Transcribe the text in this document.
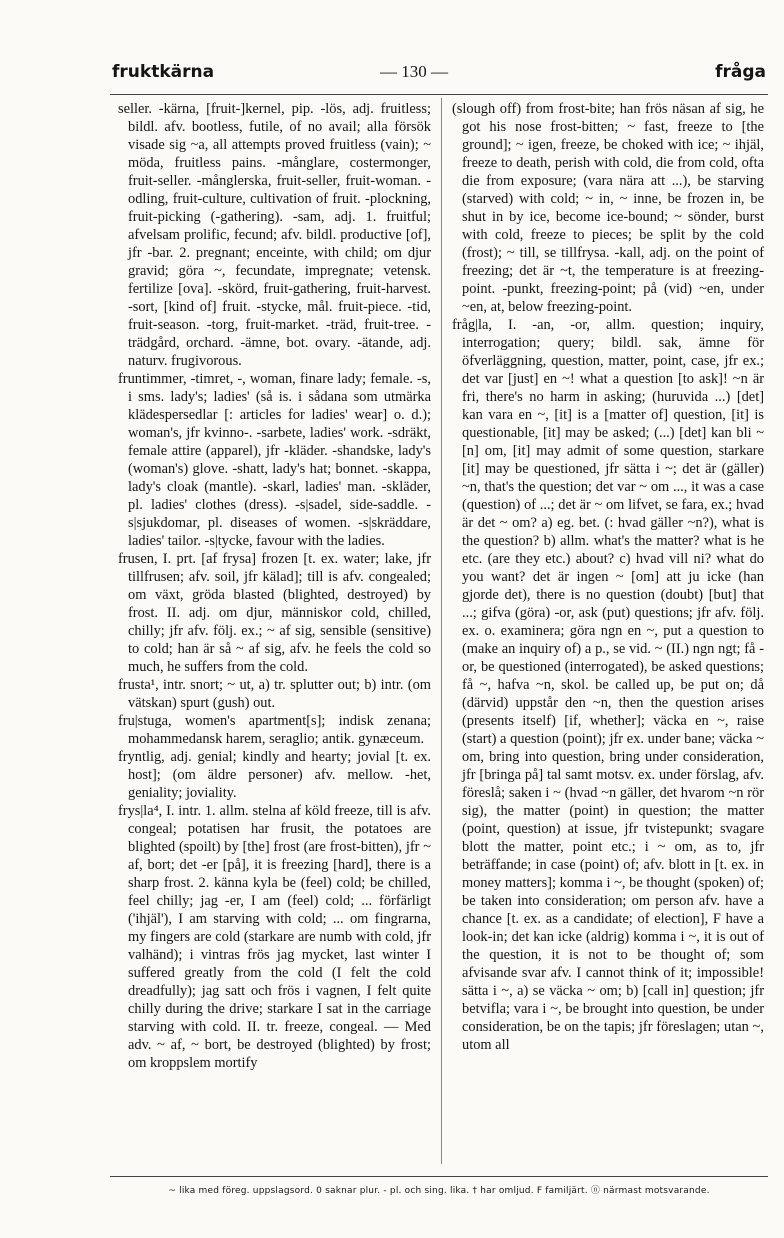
fruktkärna	— 130 —	fråga

seller. -kärna, [fruit-]kernel, pip. -lös, adj. fruitless; bildl. afv. bootless, futile, of no avail; alla försök visade sig ~a, all attempts proved fruitless (vain); ~ möda, fruitless pains. -månglare, costermonger, fruit-seller. -månglerska, fruit-seller, fruit-woman. -odling, fruit-culture, cultivation of fruit. -plockning, fruit-picking (-gathering). -sam, adj. 1. fruitful; afvelsam prolific, fecund; afv. bildl. productive [of], jfr -bar. 2. pregnant; enceinte, with child; om djur gravid; göra ~, fecundate, impregnate; vetensk. fertilize [ova]. -skörd, fruit-gathering, fruit-harvest. -sort, [kind of] fruit. -stycke, mål. fruit-piece. -tid, fruit-season. -torg, fruit-market. -träd, fruit-tree. -trädgård, orchard. -ämne, bot. ovary. -ätande, adj. naturv. frugivorous.

fruntimmer, -timret, -, woman, finare lady; female. -s, i sms. lady's; ladies' (så is. i sådana som utmärka klädespersedlar [: articles for ladies' wear] o. d.); woman's, jfr kvinno-. -sarbete, ladies' work. -sdräkt, female attire (apparel), jfr -kläder. -shandske, lady's (woman's) glove. -shatt, lady's hat; bonnet. -skappa, lady's cloak (mantle). -skarl, ladies' man. -skläder, pl. ladies' clothes (dress). -s|sadel, side-saddle. -s|sjukdomar, pl. diseases of women. -s|skräddare, ladies' tailor. -s|tycke, favour with the ladies.

frusen, I. prt. [af frysa] frozen [t. ex. water; lake, jfr tillfrusen; afv. soil, jfr kälad]; till is afv. congealed; om växt, gröda blasted (blighted, destroyed) by frost. II. adj. om djur, människor cold, chilled, chilly; jfr afv. följ. ex.; ~ af sig, sensible (sensitive) to cold; han är så ~ af sig, afv. he feels the cold so much, he suffers from the cold.

frusta¹, intr. snort; ~ ut, a) tr. splutter out; b) intr. (om vätskan) spurt (gush) out.

fru|stuga, women's apartment[s]; indisk zenana; mohammedansk harem, seraglio; antik. gynæceum.

fryntlig, adj. genial; kindly and hearty; jovial [t. ex. host]; (om äldre personer) afv. mellow. -het, geniality; joviality.

frys|la⁴, I. intr. 1. allm. stelna af köld freeze, till is afv. congeal; potatisen har frusit, the potatoes are blighted (spoilt) by [the] frost (are frost-bitten), jfr ~ af, bort; det -er [på], it is freezing [hard], there is a sharp frost. 2. känna kyla be (feel) cold; be chilled, feel chilly; jag -er, I am (feel) cold; ... förfärligt ('ihjäl'), I am starving with cold; ... om fingrarna, my fingers are cold (starkare are numb with cold, jfr valhänd); i vintras frös jag mycket, last winter I suffered greatly from the cold (I felt the cold dreadfully); jag satt och frös i vagnen, I felt quite chilly during the drive; starkare I sat in the carriage starving with cold. II. tr. freeze, congeal. — Med adv. ~ af, ~ bort, be destroyed (blighted) by frost; om kroppslem mortify

(slough off) from frost-bite; han frös näsan af sig, he got his nose frost-bitten; ~ fast, freeze to [the ground]; ~ igen, freeze, be choked with ice; ~ ihjäl, freeze to death, perish with cold, die from cold, ofta die from exposure; (vara nära att ...), be starving (starved) with cold; ~ in, ~ inne, be frozen in, be shut in by ice, become ice-bound; ~ sönder, burst with cold, freeze to pieces; be split by the cold (frost); ~ till, se tillfrysa. -kall, adj. on the point of freezing; det är ~t, the temperature is at freezing-point. -punkt, freezing-point; på (vid) ~en, under ~en, at, below freezing-point.

fråg|la, I. -an, -or, allm. question; inquiry, interrogation; query; bildl. sak, ämne för öfverläggning, question, matter, point, case, jfr ex.; det var [just] en ~! what a question [to ask]! ~n är fri, there's no harm in asking; (huruvida ...) [det] kan vara en ~, [it] is a [matter of] question, [it] is questionable, [it] may be asked; (...) [det] kan bli ~[n] om, [it] may admit of some question, starkare [it] may be questioned, jfr sätta i ~; det är (gäller) ~n, that's the question; det var ~ om ..., it was a case (question) of ...; det är ~ om lifvet, se fara, ex.; hvad är det ~ om? a) eg. bet. (: hvad gäller ~n?), what is the question? b) allm. what's the matter? what is he etc. (are they etc.) about? c) hvad vill ni? what do you want? det är ingen ~ [om] att ju icke (han gjorde det), there is no question (doubt) [but] that ...; gifva (göra) -or, ask (put) questions; jfr afv. följ. ex. o. examinera; göra ngn en ~, put a question to (make an inquiry of) a p., se vid. ~ (II.) ngn ngt; få -or, be questioned (interrogated), be asked questions; få ~, hafva ~n, skol. be called up, be put on; då (därvid) uppstår den ~n, then the question arises (presents itself) [if, whether]; väcka en ~, raise (start) a question (point); jfr ex. under bane; väcka ~ om, bring into question, bring under consideration, jfr [bringa på] tal samt motsv. ex. under förslag, afv. föreslå; saken i ~ (hvad ~n gäller, det hvarom ~n rör sig), the matter (point) in question; the matter (point, question) at issue, jfr tvistepunkt; svagare blott the matter, point etc.; i ~ om, as to, jfr beträffande; in case (point) of; afv. blott in [t. ex. in money matters]; komma i ~, be thought (spoken) of; be taken into consideration; om person afv. have a chance [t. ex. as a candidate; of election], F have a look-in; det kan icke (aldrig) komma i ~, it is out of the question, it is not to be thought of; som afvisande svar afv. I cannot think of it; impossible! sätta i ~, a) se väcka ~ om; b) [call in] question; jfr betvifla; vara i ~, be brought into question, be under consideration, be on the tapis; jfr föreslagen; utan ~, utom all

~ lika med föreg. uppslagsord. 0 saknar plur. - pl. och sing. lika. † har omljud. F familjärt. ⓝ närmast motsvarande.
